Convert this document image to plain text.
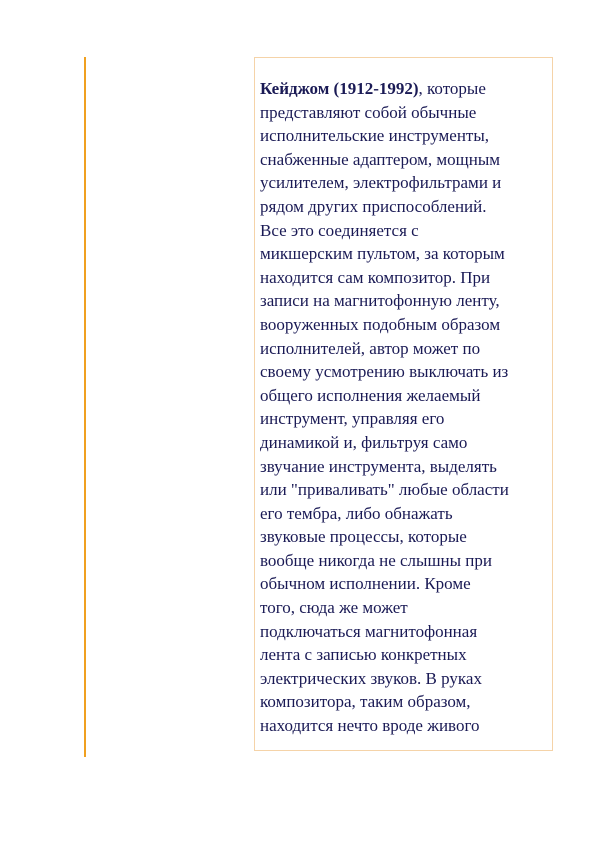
Кейджом (1912-1992), которые
представляют собой обычные
исполнительские инструменты,
снабженные адаптером, мощным
усилителем, электрофильтрами и
рядом других приспособлений.
Все это соединяется с
микшерским пультом, за которым
находится сам композитор. При
записи на магнитофонную ленту,
вооруженных подобным образом
исполнителей, автор может по
своему усмотрению выключать из
общего исполнения желаемый
инструмент, управляя его
динамикой и, фильтруя само
звучание инструмента, выделять
или "приваливать" любые области
его тембра, либо обнажать
звуковые процессы, которые
вообще никогда не слышны при
обычном исполнении. Кроме
того, сюда же может
подключаться магнитофонная
лента с записью конкретных
электрических звуков. В руках
композитора, таким образом,
находится нечто вроде живого
